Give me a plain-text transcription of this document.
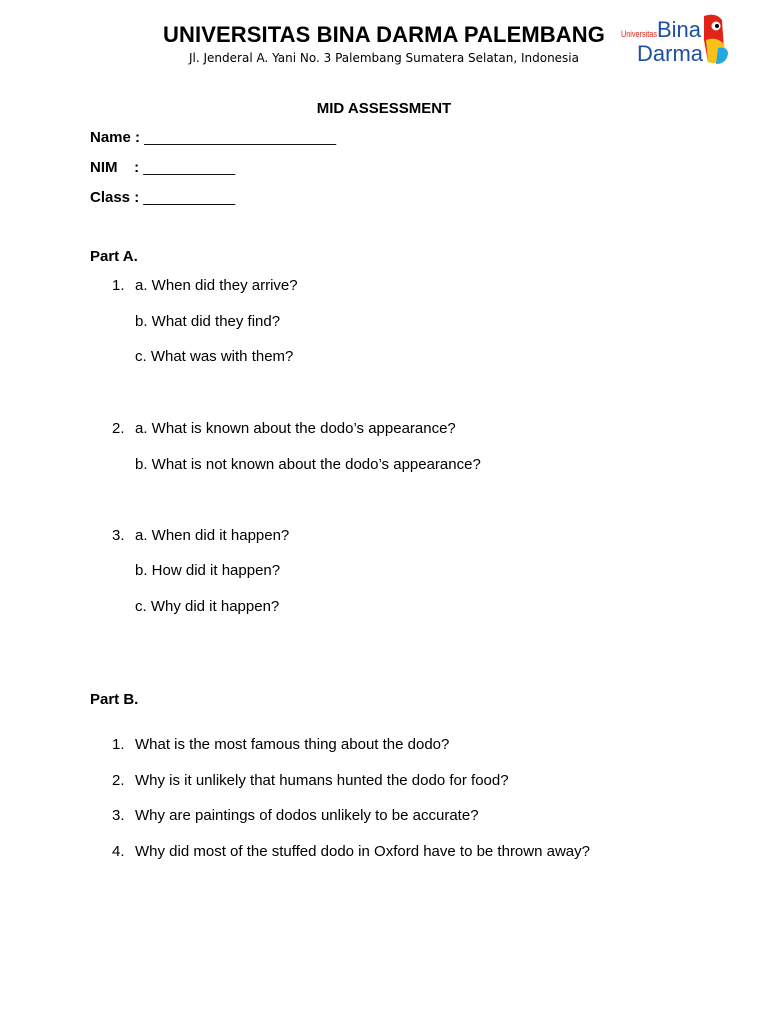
UNIVERSITAS BINA DARMA PALEMBANG
Jl. Jenderal A. Yani No. 3 Palembang Sumatera Selatan, Indonesia
Universitas Bina
Darma
MID ASSESSMENT
Name : _______________________
NIM    : ___________
Class : ___________
Part A.
1. a. When did they arrive?
b. What did they find?
c. What was with them?
2. a. What is known about the dodo’s appearance?
b. What is not known about the dodo’s appearance?
3. a. When did it happen?
b. How did it happen?
c. Why did it happen?
Part B.
1. What is the most famous thing about the dodo?
2. Why is it unlikely that humans hunted the dodo for food?
3. Why are paintings of dodos unlikely to be accurate?
4. Why did most of the stuffed dodo in Oxford have to be thrown away?
